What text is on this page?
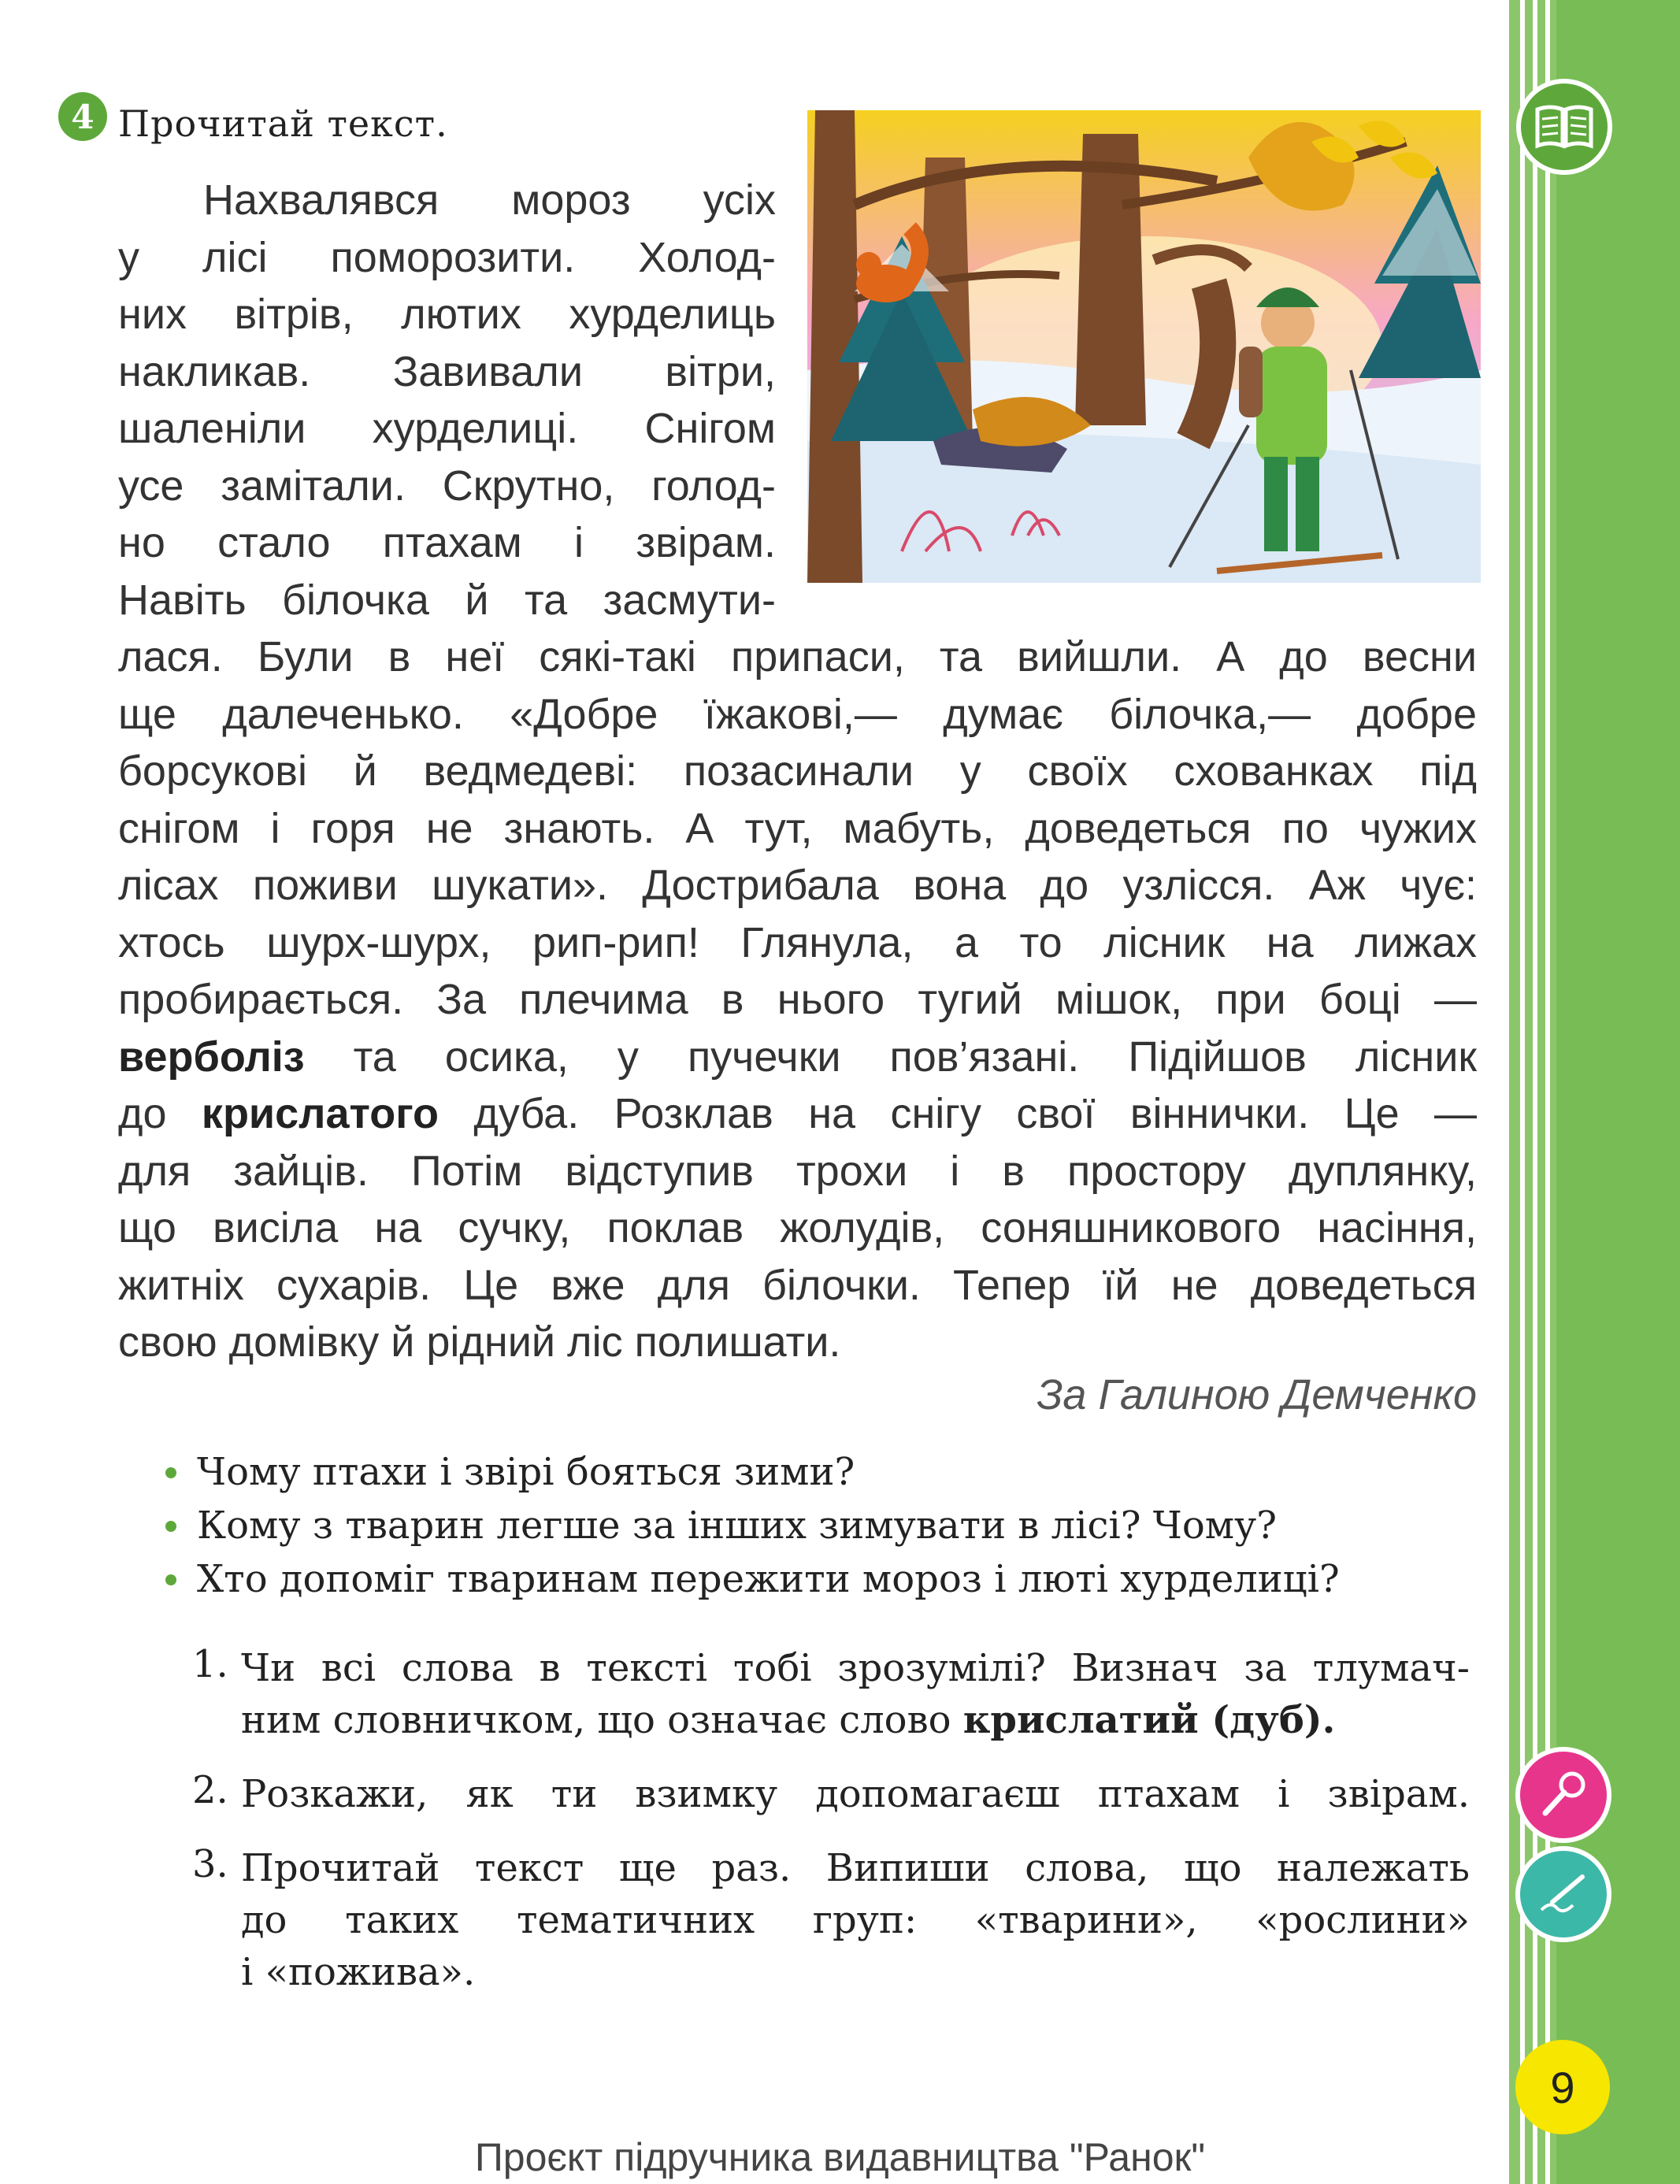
4 Прочитай текст.
Нахвалявся мороз усіх
у лісі поморозити. Холод-
них вітрів, лютих хурделиць
накликав. Завивали вітри,
шаленіли хурделиці. Снігом
усе замітали. Скрутно, голод-
но стало птахам і звірам.
Навіть білочка й та засмути-
лася. Були в неї сякі-такі припаси, та вийшли. А до весни
ще далеченько. «Добре їжакові,— думає білочка,— добре
борсукові й ведмедеві: позасинали у своїх схованках під
снігом і горя не знають. А тут, мабуть, доведеться по чужих
лісах поживи шукати». Дострибала вона до узлісся. Аж чує:
хтось шурх-шурх, рип-рип! Глянула, а то лісник на лижах
пробирається. За плечима в нього тугий мішок, при боці —
верболіз та осика, у пучечки пов’язані. Підійшов лісник
до крислатого дуба. Розклав на снігу свої віннички. Це —
для зайців. Потім відступив трохи і в простору дуплянку,
що висіла на сучку, поклав жолудів, соняшникового насіння,
житніх сухарів. Це вже для білочки. Тепер їй не доведеться
свою домівку й рідний ліс полишати.
За Галиною Демченко
Чому птахи і звірі бояться зими?
Кому з тварин легше за інших зимувати в лісі? Чому?
Хто допоміг тваринам пережити мороз і люті хурделиці?
1. Чи всі слова в тексті тобі зрозумілі? Визнач за тлумач-
ним словничком, що означає слово крислатий (дуб).
2. Розкажи, як ти взимку допомагаєш птахам і звірам.
3. Прочитай текст ще раз. Випиши слова, що належать
до таких тематичних груп: «тварини», «рослини»
і «пожива».
9
Проєкт підручника видавництва "Ранок"
